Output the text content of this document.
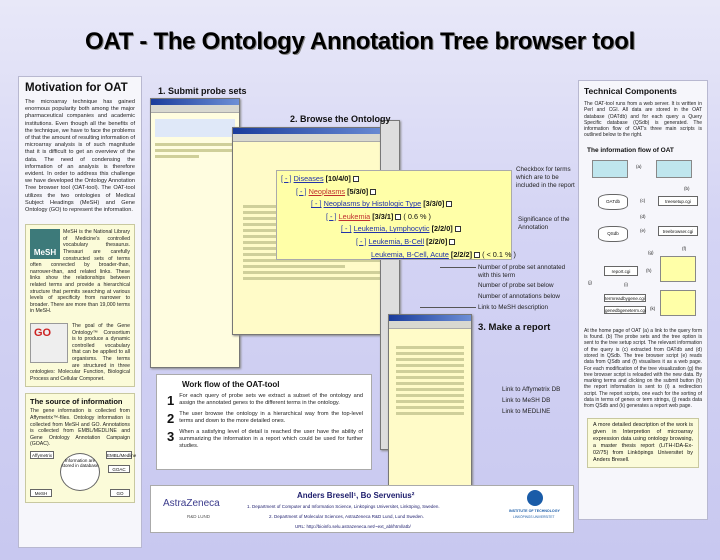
OAT - The Ontology Annotation Tree browser tool
Motivation for OAT
The microarray technique has gained enormous popularity both among the major pharmaceutical companies and academic institutions. Even though all the benefits of the technique, we have to face the problems of that the amount of resulting information of microarray analysis is of such magnitude that it is difficult to get an overview of the data. The need of condensing the information of an analysis is therefore evident. In order to address this challenge we have developed the Ontology Annotation Tree browser tool (OAT-tool). The OAT-tool utilizes the two ontologies of Medical Subject Headings (MeSH) and Gene Ontology (GO) to represent the information.
MeSH
MeSH is the National Library of Medicine's controlled vocabulary thesaurus. Thesauri are carefully constructed sets of terms often connected by broader-than, narrower-than, and related links. These links show the relationships between related terms and provide a hierarchical structure that permits searching at various levels of specificity from narrower to broader. There are more than 19,000 terms in MeSH.
GO
The goal of the Gene Ontology™ Consortium is to produce a dynamic controlled vocabulary that can be applied to all organisms. The terms are structured in three ontologies: Molecular Function, Biological Process and Cellular Componet.
The source of information
The gene information is collected from Affymetrix™-files. Ontology information is collected from MeSH and GO. Annotations is collected from EMBL/MEDLINE and Gene Ontology Annotation Campaign (GOAC).
Affymetrix	EMBL/Medline
Information are stored in database
GOAC
MeSH	GO
1. Submit probe sets
2. Browse the Ontology
[ - ] Diseases [10/4/0]
[ - ] Neoplasms [5/3/0]
[ - ] Neoplasms by Histologic Type [3/3/0]
[ - ] Leukemia [3/3/1] ( 0.6 % )
[ - ] Leukemia, Lymphocytic [2/2/0]
[ - ] Leukemia, B-Cell [2/2/0]
Leukemia, B-Cell, Acute [2/2/2] ( < 0.1 % )
Checkbox for terms which are to be included in the report
Significance of the Annotation
Number of probe set annotated with this term
Number of probe set below
Number of annotations below
Link to MeSH description
3. Make a report
Link to Affymetrix DB
Link to MeSH DB
Link to MEDLINE
Work flow of the OAT-tool
1 For each query of probe sets we extract a subset of the ontology and assign the annotated genes to the different terms in the ontology.
2 The user browse the ontology in a hierarchical way from the top-level terms and down to the more detailed ones.
3 When a satisfying level of detail is reached the user have the ability of summarizing the information in a report which could be used for further studies.
AstraZeneca
R&D LUND
Anders Bresell¹, Bo Servenius²
1. Department of Computer and Information Science, Linköpings Universitet, Linköping, Sweden.
2. Department of Molecular Sciences, AstraZeneca R&D Lund, Lund Sweden.
URL: http://bioinfo.selu.astrazeneca.net/~ext_abl/html/atb/
INSTITUTE OF TECHNOLOGY
LINKÖPINGS UNIVERSITET
Technical Components
The OAT-tool runs from a web server. It is written in Perl and CGI. All data are stored in the OAT database (OATdb) and for each query a Query Specific database (QSdb) is generated. The information flow of OAT's three main scripts is outlined below to the right.
The information flow of OAT
OATdb
QSdb
treesetup.cgi
treebrowser.cgi
report.cgi
termreadbygene.cgi
genedbgeneterm.cgi
(a)
(b)
(c)
(d)
(e)
(f)
(g)
(h)
(i)
(j)
(k)
At the home page of OAT (a) a link to the query form is found. (b) The probe sets and the tree option is sent to the tree setup script. The relevant information of the query is (c) extracted from OATdb and (d) stored in QSdb. The tree browser script (e) reads data from QSdb and (f) visualises it as a web page. For each modification of the tree visualization (g) the tree browser script is reloaded with the new data. By marking terms and clicking on the submit button (h) the report information is sent to (i) a redirection script. The report scripts, one each for the sorting of data in terms of genes or term strings, (j) reads data from QSdb and (k) generates a report web page.
A more detailed description of the work is given in Interpretion of microarray expression data using ontology browsing, a master thesis report (LiTH-IDA-Ex-02/75) from Linköpings Universitet by Anders Bresell.
